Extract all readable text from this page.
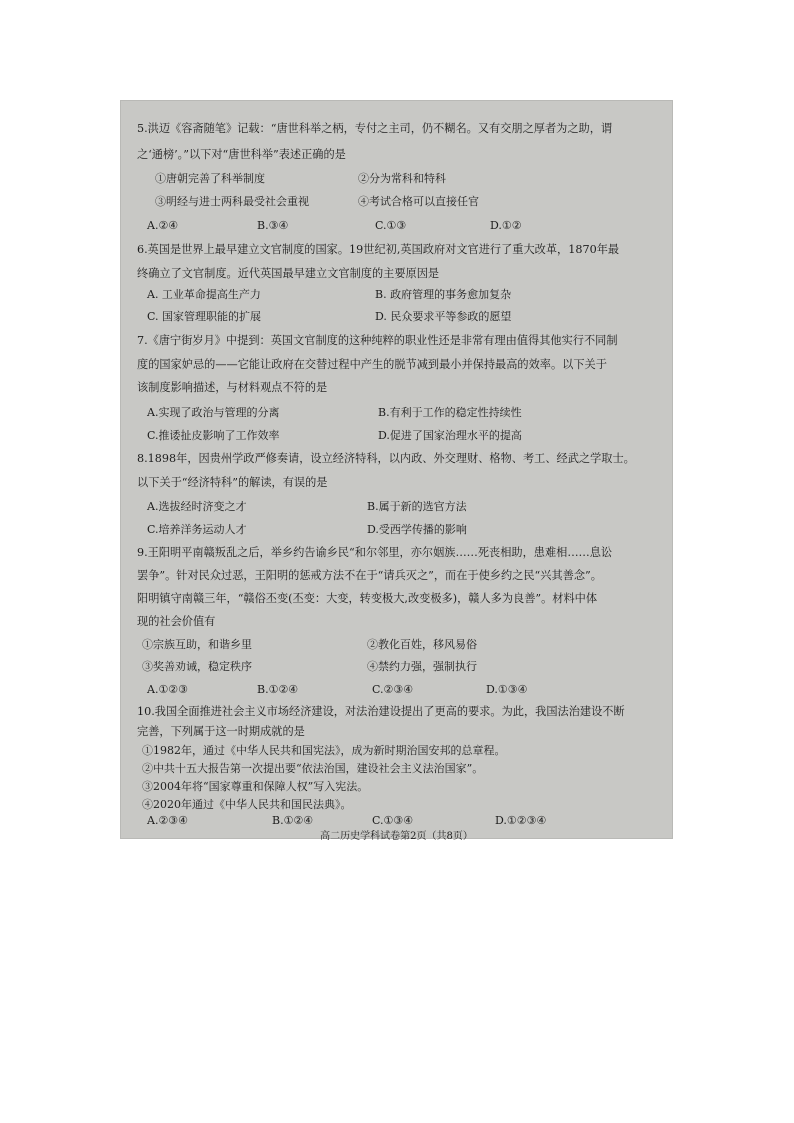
5.洪迈《容斋随笔》记载：“唐世科举之柄，专付之主司，仍不糊名。又有交朋之厚者为之助，谓
之‘通榜’。”以下对“唐世科举”表述正确的是
①唐朝完善了科举制度	②分为常科和特科
③明经与进士两科最受社会重视	④考试合格可以直接任官
A.②④	B.③④	C.①③	D.①②
6.英国是世界上最早建立文官制度的国家。19世纪初,英国政府对文官进行了重大改革，1870年最
终确立了文官制度。近代英国最早建立文官制度的主要原因是
A. 工业革命提高生产力	B. 政府管理的事务愈加复杂
C. 国家管理职能的扩展	D. 民众要求平等参政的愿望
7.《唐宁街岁月》中提到：英国文官制度的这种纯粹的职业性还是非常有理由值得其他实行不同制
度的国家妒忌的——它能让政府在交替过程中产生的脱节减到最小并保持最高的效率。以下关于
该制度影响描述，与材料观点不符的是
A.实现了政治与管理的分离	B.有利于工作的稳定性持续性
C.推诿扯皮影响了工作效率	D.促进了国家治理水平的提高
8.1898年，因贵州学政严修奏请，设立经济特科，以内政、外交理财、格物、考工、经武之学取士。
以下关于“经济特科”的解读，有误的是
A.选拔经时济变之才	B.属于新的选官方法
C.培养洋务运动人才	D.受西学传播的影响
9.王阳明平南赣叛乱之后，举乡约告谕乡民“和尔邻里，亦尔姻族……死丧相助，患难相……息讼
罢争”。针对民众过恶，王阳明的惩戒方法不在于“请兵灭之”，而在于使乡约之民“兴其善念”。
阳明镇守南赣三年，“赣俗丕变(丕变：大变，转变极大,改变极多)，赣人多为良善”。材料中体
现的社会价值有
①宗族互助，和谐乡里	②教化百姓，移风易俗
③奖善劝诫，稳定秩序	④禁约力强，强制执行
A.①②③	B.①②④	C.②③④	D.①③④
10.我国全面推进社会主义市场经济建设，对法治建设提出了更高的要求。为此，我国法治建设不断
完善，下列属于这一时期成就的是
①1982年，通过《中华人民共和国宪法》，成为新时期治国安邦的总章程。
②中共十五大报告第一次提出要“依法治国，建设社会主义法治国家”。
③2004年将“国家尊重和保障人权”写入宪法。
高二历史学科试卷第2页（共8页）
④2020年通过《中华人民共和国民法典》。
A.②③④	B.①②④	C.①③④	D.①②③④
